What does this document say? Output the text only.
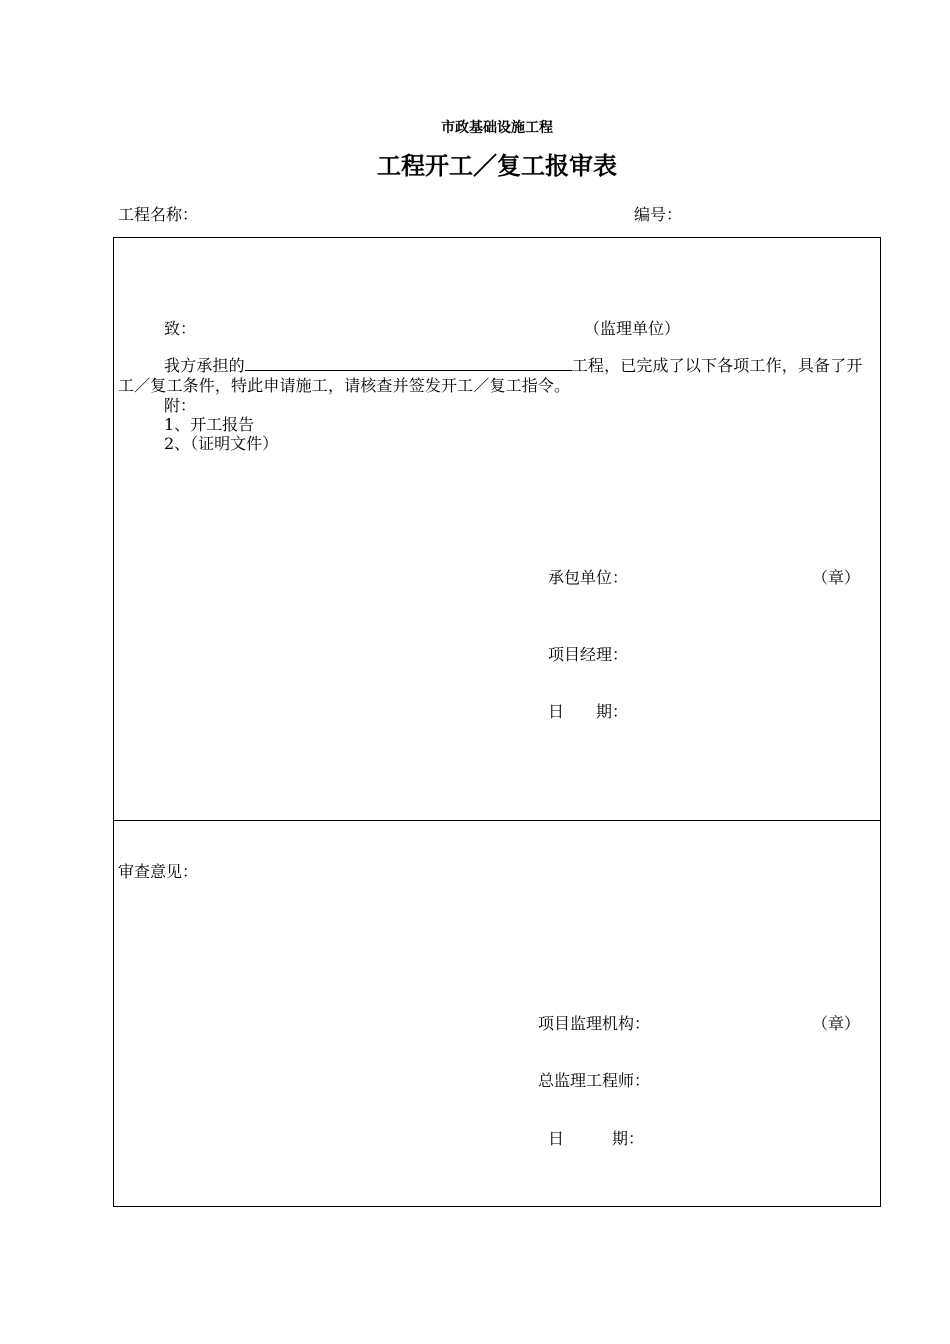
市政基础设施工程
工程开工／复工报审表
工程名称：	编号：
致：	（监理单位）
我方承担的	工程，已完成了以下各项工作，具备了开工／复工条件，特此申请施工，请核查并签发开工／复工指令。
附：
1、开工报告
2、（证明文件）
承包单位：	（章）
项目经理：
日　　期：
审查意见：
项目监理机构：	（章）
总监理工程师：
日　　　期：
